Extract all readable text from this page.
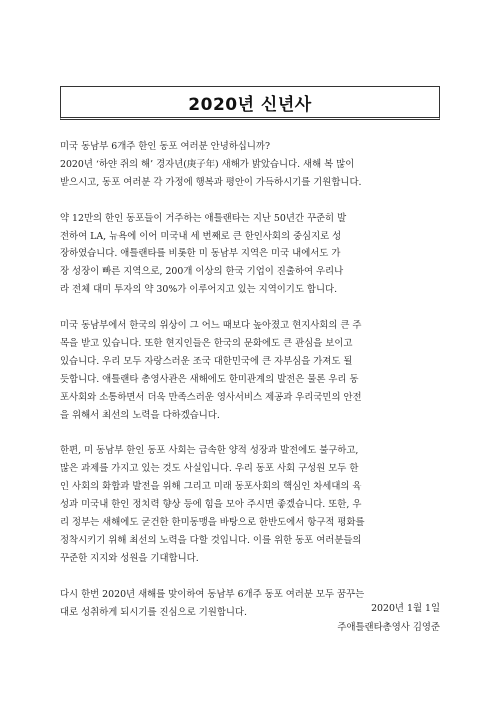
2020년 신년사

미국 동남부 6개주 한인 동포 여러분 안녕하십니까?
2020년 ‘하얀 쥐의 해’ 경자년(庚子年) 새해가 밝았습니다. 새해 복 많이
받으시고, 동포 여러분 각 가정에 행복과 평안이 가득하시기를 기원합니다.

약 12만의 한인 동포들이 거주하는 애틀랜타는 지난 50년간 꾸준히 발
전하여 LA, 뉴욕에 이어 미국내 세 번째로 큰 한인사회의 중심지로 성
장하였습니다. 애틀랜타를 비롯한 미 동남부 지역은 미국 내에서도 가
장 성장이 빠른 지역으로, 200개 이상의 한국 기업이 진출하여 우리나
라 전체 대미 투자의 약 30%가 이루어지고 있는 지역이기도 합니다.

미국 동남부에서 한국의 위상이 그 어느 때보다 높아졌고 현지사회의 큰 주
목을 받고 있습니다. 또한 현지인들은 한국의 문화에도 큰 관심을 보이고
있습니다. 우리 모두 자랑스러운 조국 대한민국에 큰 자부심을 가져도 될
듯합니다. 애틀랜타 총영사관은 새해에도 한미관계의 발전은 물론 우리 동
포사회와 소통하면서 더욱 만족스러운 영사서비스 제공과 우리국민의 안전
을 위해서 최선의 노력을 다하겠습니다.

한편, 미 동남부 한인 동포 사회는 급속한 양적 성장과 발전에도 불구하고,
많은 과제를 가지고 있는 것도 사실입니다. 우리 동포 사회 구성원 모두 한
인 사회의 화합과 발전을 위해 그리고 미래 동포사회의 핵심인 차세대의 육
성과 미국내 한인 정치력 향상 등에 힘을 모아 주시면 좋겠습니다. 또한, 우
리 정부는 새해에도 굳건한 한미동맹을 바탕으로 한반도에서 항구적 평화를
정착시키기 위해 최선의 노력을 다할 것입니다. 이를 위한 동포 여러분들의
꾸준한 지지와 성원을 기대합니다.

다시 한번 2020년 새해를 맞이하여 동남부 6개주 동포 여러분 모두 꿈꾸는
대로 성취하게 되시기를 진심으로 기원합니다.	2020년 1월 1일
주애틀랜타총영사 김영준
